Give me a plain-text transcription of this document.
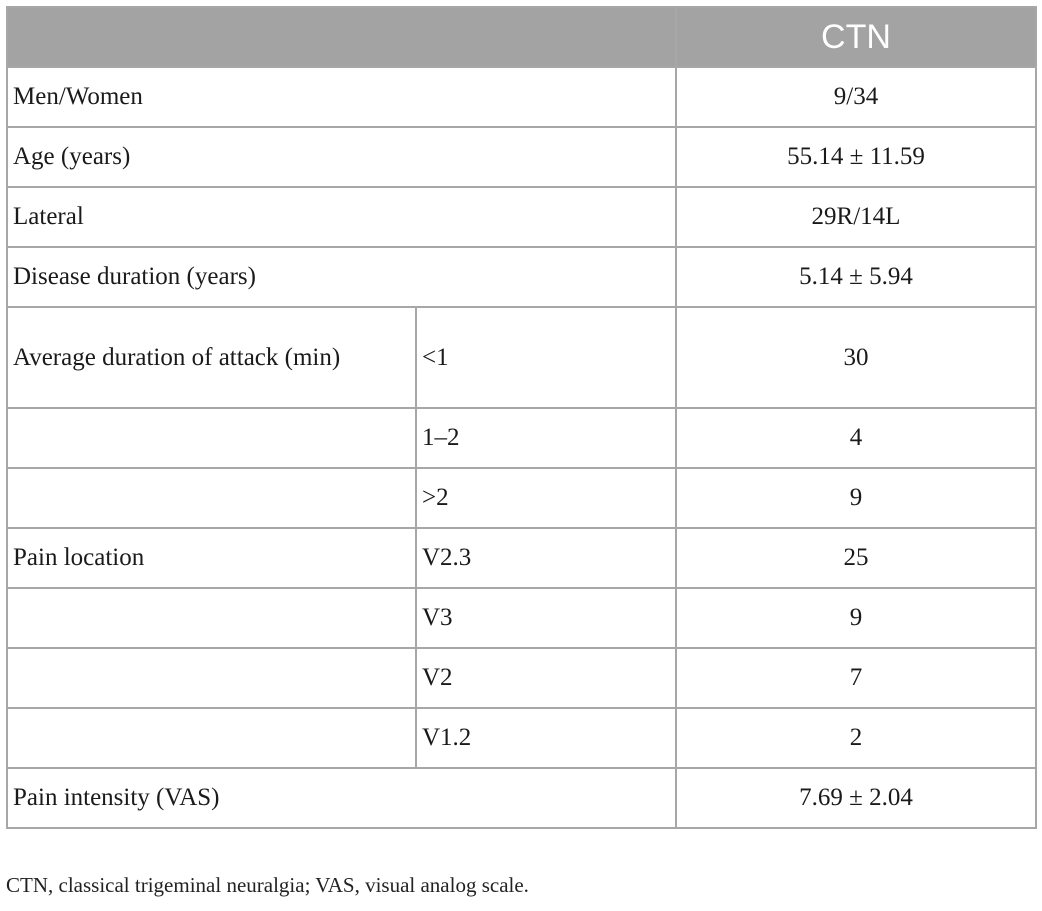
		CTN
Men/Women		9/34
Age (years)		55.14 ± 11.59
Lateral		29R/14L
Disease duration (years)		5.14 ± 5.94
Average duration of attack (min)	<1	30
	1–2	4
	>2	9
Pain location	V2.3	25
	V3	9
	V2	7
	V1.2	2
Pain intensity (VAS)		7.69 ± 2.04

CTN, classical trigeminal neuralgia; VAS, visual analog scale.
